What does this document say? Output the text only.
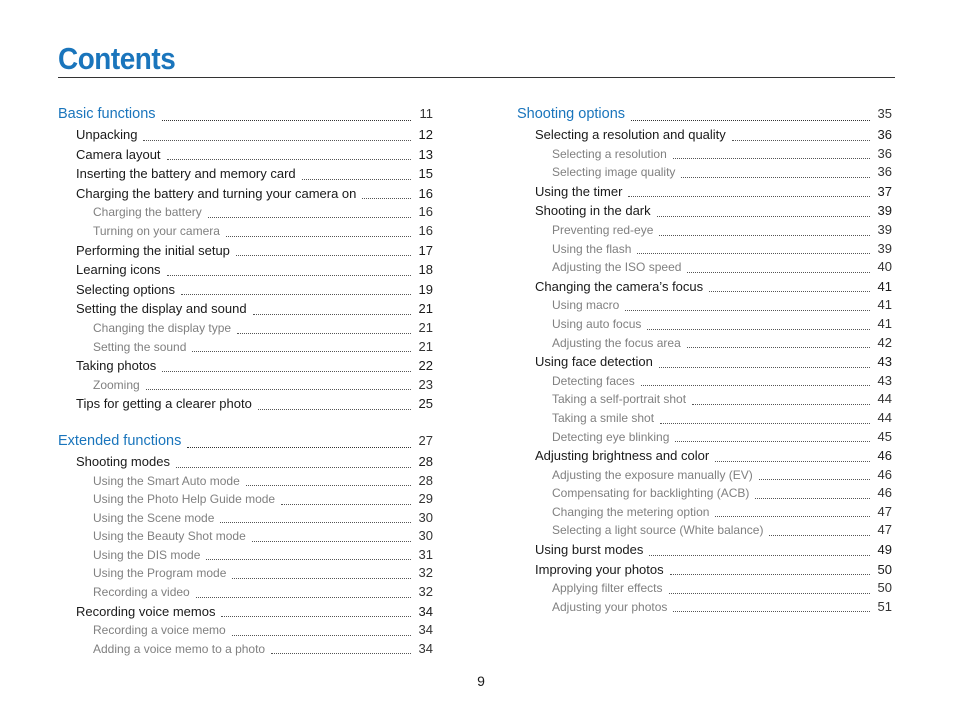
Contents
Basic functions	11
Unpacking	12
Camera layout	13
Inserting the battery and memory card	15
Charging the battery and turning your camera on	16
Charging the battery	16
Turning on your camera	16
Performing the initial setup	17
Learning icons	18
Selecting options	19
Setting the display and sound	21
Changing the display type	21
Setting the sound	21
Taking photos	22
Zooming	23
Tips for getting a clearer photo	25
Extended functions	27
Shooting modes	28
Using the Smart Auto mode	28
Using the Photo Help Guide mode	29
Using the Scene mode	30
Using the Beauty Shot mode	30
Using the DIS mode	31
Using the Program mode	32
Recording a video	32
Recording voice memos	34
Recording a voice memo	34
Adding a voice memo to a photo	34
Shooting options	35
Selecting a resolution and quality	36
Selecting a resolution	36
Selecting image quality	36
Using the timer	37
Shooting in the dark	39
Preventing red-eye	39
Using the flash	39
Adjusting the ISO speed	40
Changing the camera’s focus	41
Using macro	41
Using auto focus	41
Adjusting the focus area	42
Using face detection	43
Detecting faces	43
Taking a self-portrait shot	44
Taking a smile shot	44
Detecting eye blinking	45
Adjusting brightness and color	46
Adjusting the exposure manually (EV)	46
Compensating for backlighting (ACB)	46
Changing the metering option	47
Selecting a light source (White balance)	47
Using burst modes	49
Improving your photos	50
Applying filter effects	50
Adjusting your photos	51
9
